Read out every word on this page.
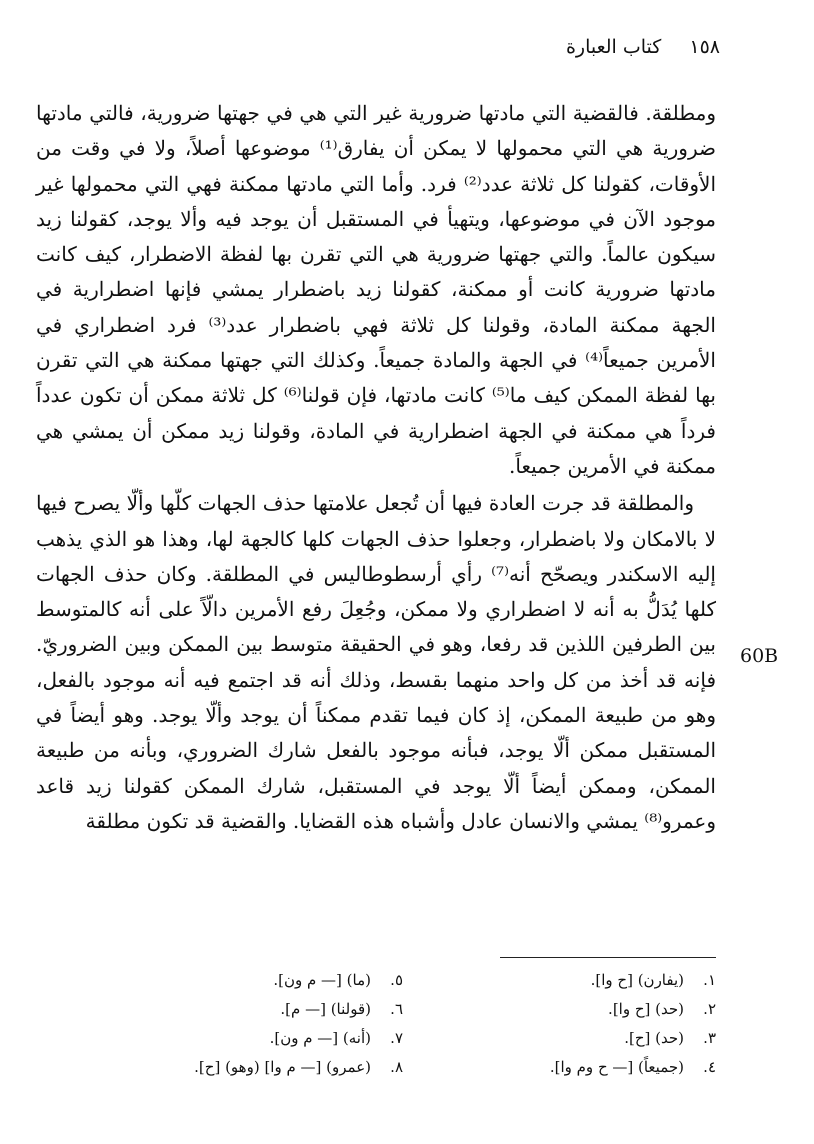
١٥٨ كتاب العبارة

ومطلقة. فالقضية التي مادتها ضرورية غير التي هي في جهتها ضرورية، فالتي مادتها ضرورية هي التي محمولها لا يمكن أن يفارق⁽¹⁾ موضوعها أصلاً، ولا في وقت من الأوقات، كقولنا كل ثلاثة عدد⁽²⁾ فرد. وأما التي مادتها ممكنة فهي التي محمولها غير موجود الآن في موضوعها، ويتهيأ في المستقبل أن يوجد فيه وألا يوجد، كقولنا زيد سيكون عالماً. والتي جهتها ضرورية هي التي تقرن بها لفظة الاضطرار، كيف كانت مادتها ضرورية كانت أو ممكنة، كقولنا زيد باضطرار يمشي فإنها اضطرارية في الجهة ممكنة المادة، وقولنا كل ثلاثة فهي باضطرار عدد⁽³⁾ فرد اضطراري في الأمرين جميعاً⁽⁴⁾ في الجهة والمادة جميعاً. وكذلك التي جهتها ممكنة هي التي تقرن بها لفظة الممكن كيف ما⁽⁵⁾ كانت مادتها، فإن قولنا⁽⁶⁾ كل ثلاثة ممكن أن تكون عدداً فرداً هي ممكنة في الجهة اضطرارية في المادة، وقولنا زيد ممكن أن يمشي هي ممكنة في الأمرين جميعاً.

والمطلقة قد جرت العادة فيها أن تُجعل علامتها حذف الجهات كلّها وألّا يصرح فيها لا بالامكان ولا باضطرار، وجعلوا حذف الجهات كلها كالجهة لها، وهذا هو الذي يذهب إليه الاسكندر ويصحّح أنه⁽⁷⁾ رأي أرسطوطاليس في المطلقة. وكان حذف الجهات كلها يُدَلُّ به أنه لا اضطراري ولا ممكن، وجُعِلَ رفع الأمرين دالّاً على أنه كالمتوسط بين الطرفين اللذين قد رفعا، وهو في الحقيقة متوسط بين الممكن وبين الضروريّ. فإنه قد أخذ من كل واحد منهما بقسط، وذلك أنه قد اجتمع فيه أنه موجود بالفعل، وهو من طبيعة الممكن، إذ كان فيما تقدم ممكناً أن يوجد وألّا يوجد. وهو أيضاً في المستقبل ممكن ألّا يوجد، فبأنه موجود بالفعل شارك الضروري، وبأنه من طبيعة الممكن، وممكن أيضاً ألّا يوجد في المستقبل، شارك الممكن كقولنا زيد قاعد وعمرو⁽⁸⁾ يمشي والانسان عادل وأشباه هذه القضايا. والقضية قد تكون مطلقة

60B
١.(يفارن) [ح وا].
٢.(حد) [ح وا].
٣.(حد) [ح].
٤.(جميعاً) [— ح وم وا].
٥.(ما) [— م ون].
٦.(قولنا) [— م].
٧.(أنه) [— م ون].
٨.(عمرو) [— م وا] (وهو) [ح].
